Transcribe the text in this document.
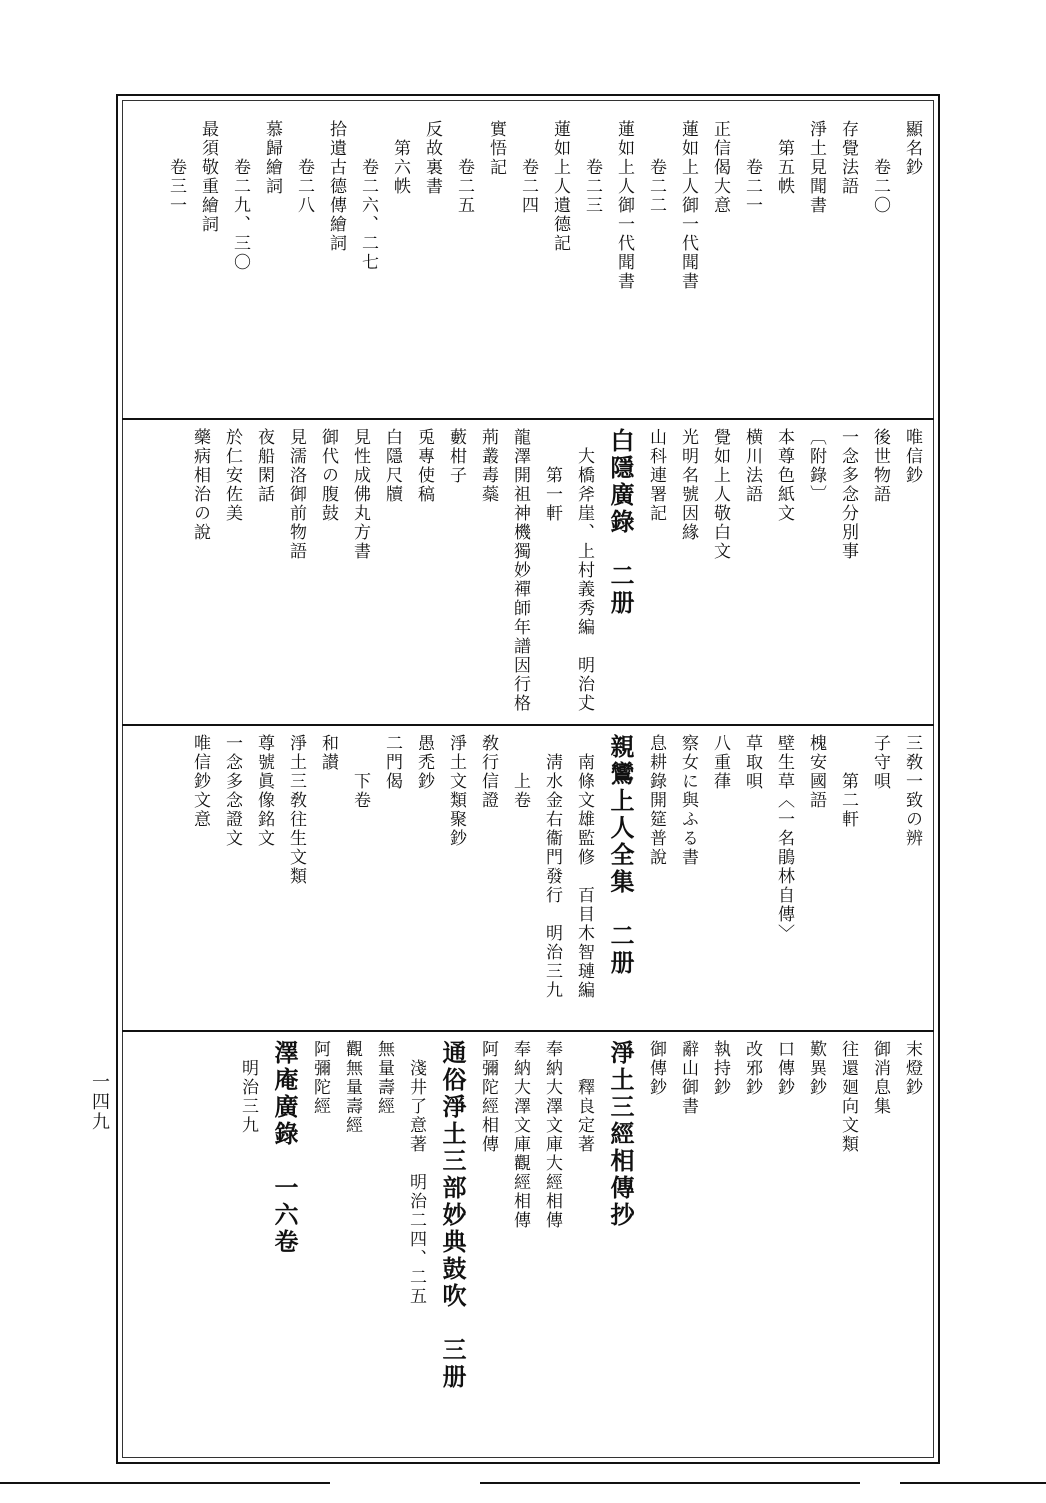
顯名鈔
卷二〇
存覺法語
淨土見聞書
第五帙
卷二一
正信偈大意
蓮如上人御一代聞書
卷二二
蓮如上人御一代聞書
卷二三
蓮如上人遺德記
卷二四
實悟記
卷二五
反故裏書
第六帙
卷二六、二七
拾遺古德傳繪詞
卷二八
慕歸繪詞
卷二九、三〇
最須敬重繪詞
卷三一
唯信鈔
後世物語
一念多念分別事
〔附錄〕
本尊色紙文
横川法語
覺如上人敬白文
光明名號因緣
山科連署記
白隱廣錄　二册
大橋斧崖、上村義秀編　明治𠀋
第一軒
龍澤開祖神機獨妙禪師年譜因行格
荊叢毒蘂
藪柑子
兎專使稿
白隱尺牘
見性成佛丸方書
御代の腹鼓
見濡洛御前物語
夜船閑話
於仁安佐美
藥病相治の說
三敎一致の辨
子守唄
第二軒
槐安國語
壁生草〈一名鵑林自傳〉
草取唄
八重葎
察女に與ふる書
息耕錄開筵普說
親鸞上人全集　二册
南條文雄監修　百目木智璉編
淸水金右衞門發行　明治三九
上卷
敎行信證
淨土文類聚鈔
愚禿鈔
二門偈
下卷
和讃
淨土三敎往生文類
尊號眞像銘文
一念多念證文
唯信鈔文意
末燈鈔
御消息集
往還廻向文類
歎異鈔
口傳鈔
改邪鈔
執持鈔
辭山御書
御傳鈔
淨土三經相傳抄
釋良定著
奉納大澤文庫大經相傳
奉納大澤文庫觀經相傳
阿彌陀經相傳
通俗淨土三部妙典鼓吹　三册
淺井了意著　明治二四、二五
無量壽經
觀無量壽經
阿彌陀經
澤庵廣錄　一六卷
明治三九
一四九
